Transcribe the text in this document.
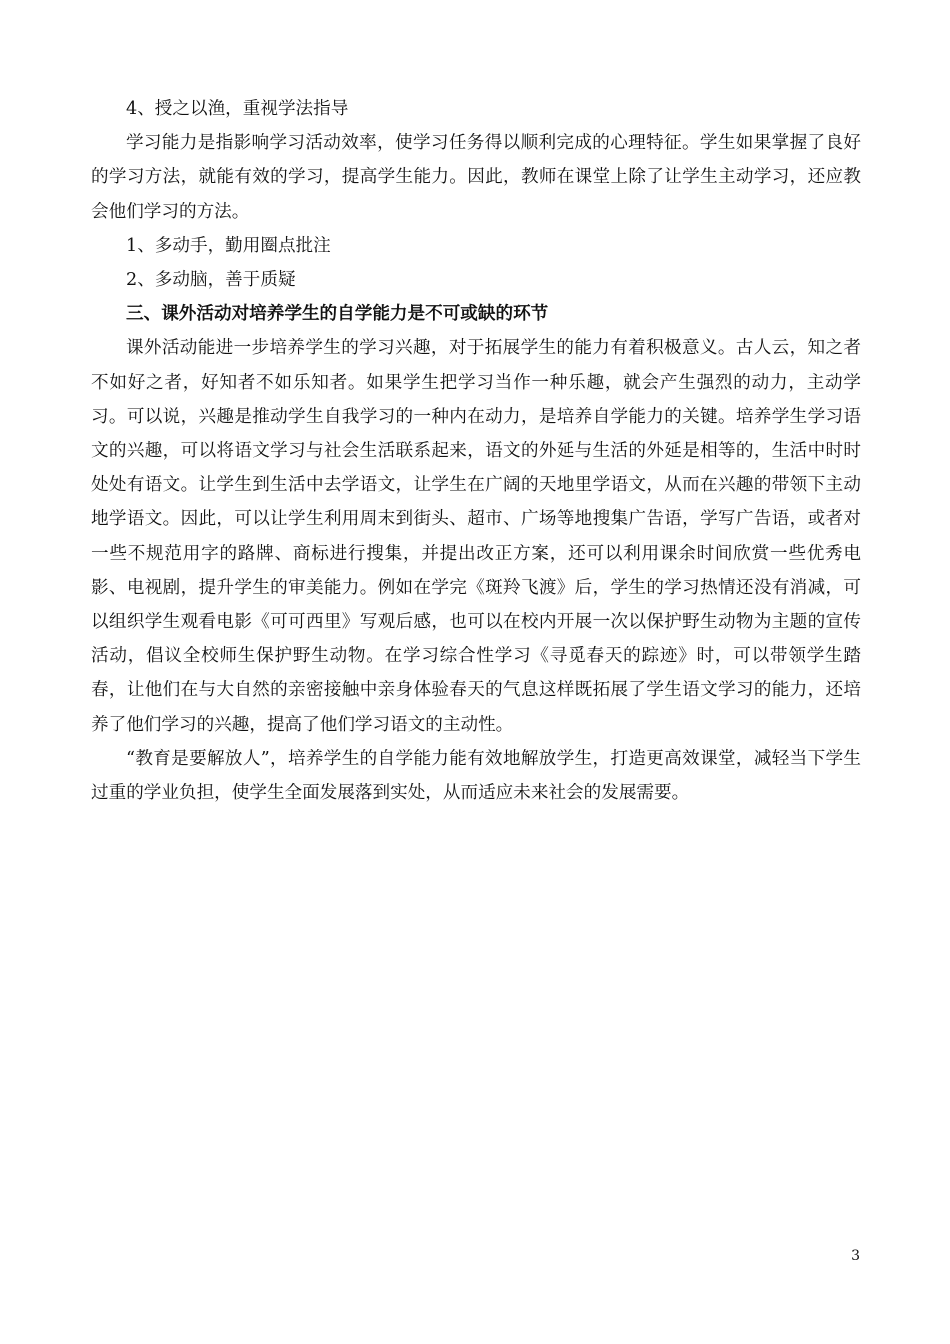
4、授之以渔，重视学法指导

学习能力是指影响学习活动效率，使学习任务得以顺利完成的心理特征。学生如果掌握了良好的学习方法，就能有效的学习，提高学生能力。因此，教师在课堂上除了让学生主动学习，还应教会他们学习的方法。

1、多动手，勤用圈点批注

2、多动脑，善于质疑

三、课外活动对培养学生的自学能力是不可或缺的环节

课外活动能进一步培养学生的学习兴趣，对于拓展学生的能力有着积极意义。古人云，知之者不如好之者，好知者不如乐知者。如果学生把学习当作一种乐趣，就会产生强烈的动力，主动学习。可以说，兴趣是推动学生自我学习的一种内在动力，是培养自学能力的关键。培养学生学习语文的兴趣，可以将语文学习与社会生活联系起来，语文的外延与生活的外延是相等的，生活中时时处处有语文。让学生到生活中去学语文，让学生在广阔的天地里学语文，从而在兴趣的带领下主动地学语文。因此，可以让学生利用周末到街头、超市、广场等地搜集广告语，学写广告语，或者对一些不规范用字的路牌、商标进行搜集，并提出改正方案，还可以利用课余时间欣赏一些优秀电影、电视剧，提升学生的审美能力。例如在学完《斑羚飞渡》后，学生的学习热情还没有消减，可以组织学生观看电影《可可西里》写观后感，也可以在校内开展一次以保护野生动物为主题的宣传活动，倡议全校师生保护野生动物。在学习综合性学习《寻觅春天的踪迹》时，可以带领学生踏春，让他们在与大自然的亲密接触中亲身体验春天的气息这样既拓展了学生语文学习的能力，还培养了他们学习的兴趣，提高了他们学习语文的主动性。

“教育是要解放人”，培养学生的自学能力能有效地解放学生，打造更高效课堂，减轻当下学生过重的学业负担，使学生全面发展落到实处，从而适应未来社会的发展需要。

3
